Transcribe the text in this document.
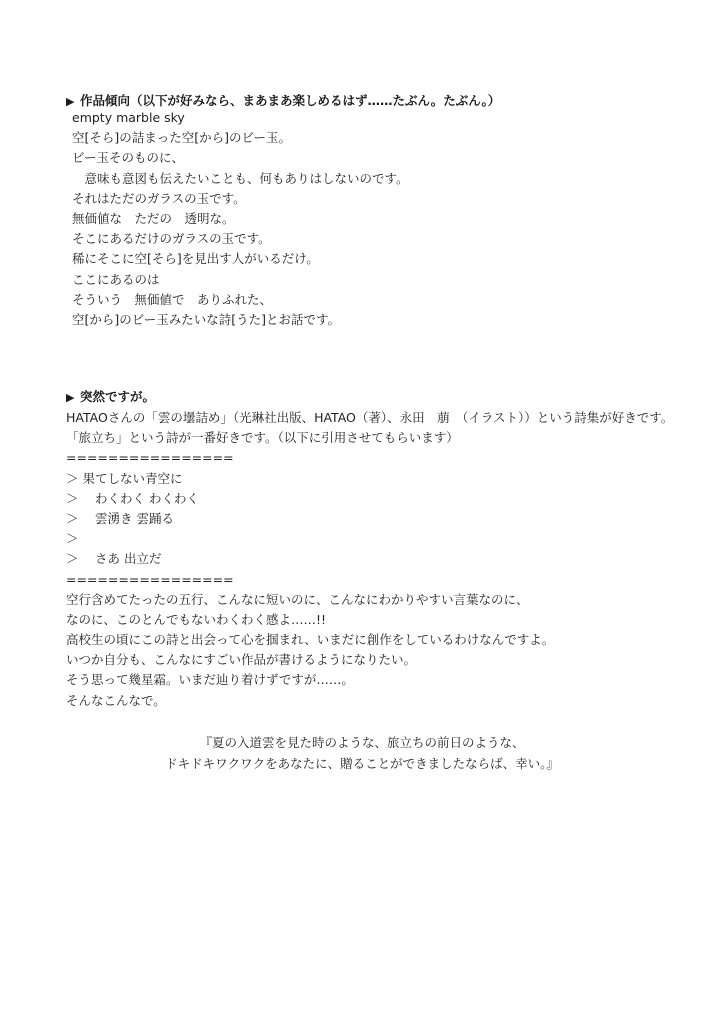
▶ 作品傾向（以下が好みなら、まあまあ楽しめるはず……たぶん。たぶん。）
empty marble sky
空[そら]の詰まった空[から]のビー玉。
ビー玉そのものに、
　意味も意図も伝えたいことも、何もありはしないのです。
それはただのガラスの玉です。
無価値な　ただの　透明な。
そこにあるだけのガラスの玉です。
稀にそこに空[そら]を見出す人がいるだけ。
ここにあるのは
そういう　無価値で　ありふれた、
空[から]のビー玉みたいな詩[うた]とお話です。
▶ 突然ですが。
HATAOさんの「雲の壜詰め」（光琳社出版、HATAO（著）、永田　萠　（イラスト））という詩集が好きです。
「旅立ち」という詩が一番好きです。（以下に引用させてもらいます）
================
＞ 果てしない青空に
＞　 わくわく わくわく
＞　 雲湧き 雲踊る
＞
＞　 さあ 出立だ
================
空行含めてたったの五行、こんなに短いのに、こんなにわかりやすい言葉なのに、
なのに、このとんでもないわくわく感よ……!!
高校生の頃にこの詩と出会って心を掴まれ、いまだに創作をしているわけなんですよ。
いつか自分も、こんなにすごい作品が書けるようになりたい。
そう思って幾星霜。いまだ辿り着けずですが……。
そんなこんなで。
『夏の入道雲を見た時のような、旅立ちの前日のような、
ドキドキワクワクをあなたに、贈ることができましたならば、幸い。』
